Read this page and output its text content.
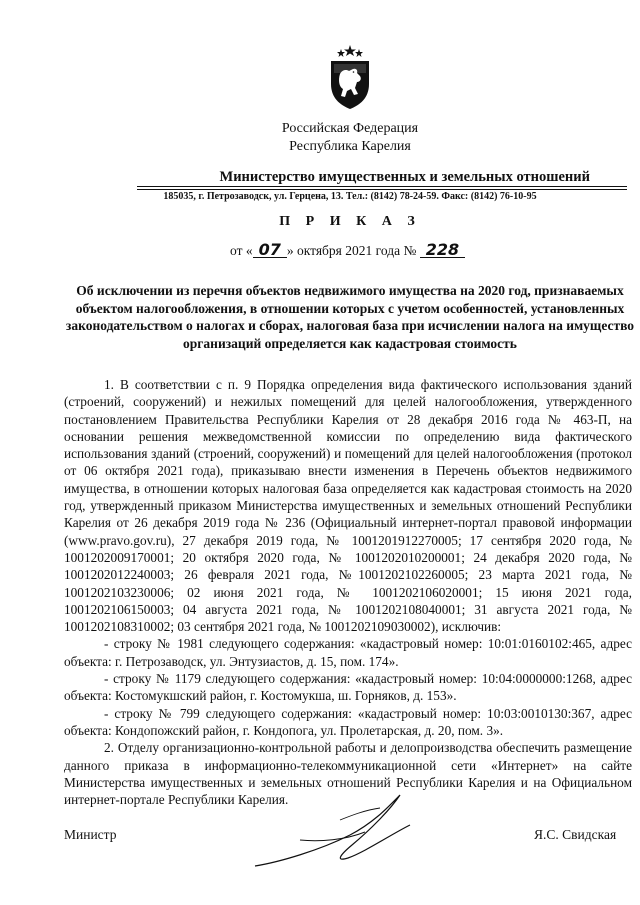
Российская Федерация
Республика Карелия
Министерство имущественных и земельных отношений
185035, г. Петрозаводск, ул. Герцена, 13. Тел.: (8142) 78-24-59. Факс: (8142) 76-10-95
П Р И К А З
от « 07 » октября 2021 года № 228
Об исключении из перечня объектов недвижимого имущества на 2020 год, признаваемых объектом налогообложения, в отношении которых с учетом особенностей, установленных законодательством о налогах и сборах, налоговая база при исчислении налога на имущество организаций определяется как кадастровая стоимость

1. В соответствии с п. 9 Порядка определения вида фактического использования зданий (строений, сооружений) и нежилых помещений для целей налогообложения, утвержденного постановлением Правительства Республики Карелия от 28 декабря 2016 года № 463-П, на основании решения межведомственной комиссии по определению вида фактического использования зданий (строений, сооружений) и помещений для целей налогообложения (протокол от 06 октября 2021 года), приказываю внести изменения в Перечень объектов недвижимого имущества, в отношении которых налоговая база определяется как кадастровая стоимость на 2020 год, утвержденный приказом Министерства имущественных и земельных отношений Республики Карелия от 26 декабря 2019 года № 236 (Официальный интернет-портал правовой информации (www.pravo.gov.ru), 27 декабря 2019 года, № 1001201912270005; 17 сентября 2020 года, № 1001202009170001; 20 октября 2020 года, № 1001202010200001; 24 декабря 2020 года, № 1001202012240003; 26 февраля 2021 года, №1001202102260005; 23 марта 2021 года, № 1001202103230006; 02 июня 2021 года, № 1001202106020001; 15 июня 2021 года, 1001202106150003; 04 августа 2021 года, № 1001202108040001; 31 августа 2021 года, № 1001202108310002; 03 сентября 2021 года, № 1001202109030002), исключив:

- строку № 1981 следующего содержания: «кадастровый номер: 10:01:0160102:465, адрес объекта: г. Петрозаводск, ул. Энтузиастов, д. 15, пом. 174».

- строку № 1179 следующего содержания: «кадастровый номер: 10:04:0000000:1268, адрес объекта: Костомукшский район, г. Костомукша, ш. Горняков, д. 153».

- строку № 799 следующего содержания: «кадастровый номер: 10:03:0010130:367, адрес объекта: Кондопожский район, г. Кондопога, ул. Пролетарская, д. 20, пом. 3».

2. Отделу организационно-контрольной работы и делопроизводства обеспечить размещение данного приказа в информационно-телекоммуникационной сети «Интернет» на сайте Министерства имущественных и земельных отношений Республики Карелия и на Официальном интернет-портале Республики Карелия.

Министр	Я.С. Свидская
